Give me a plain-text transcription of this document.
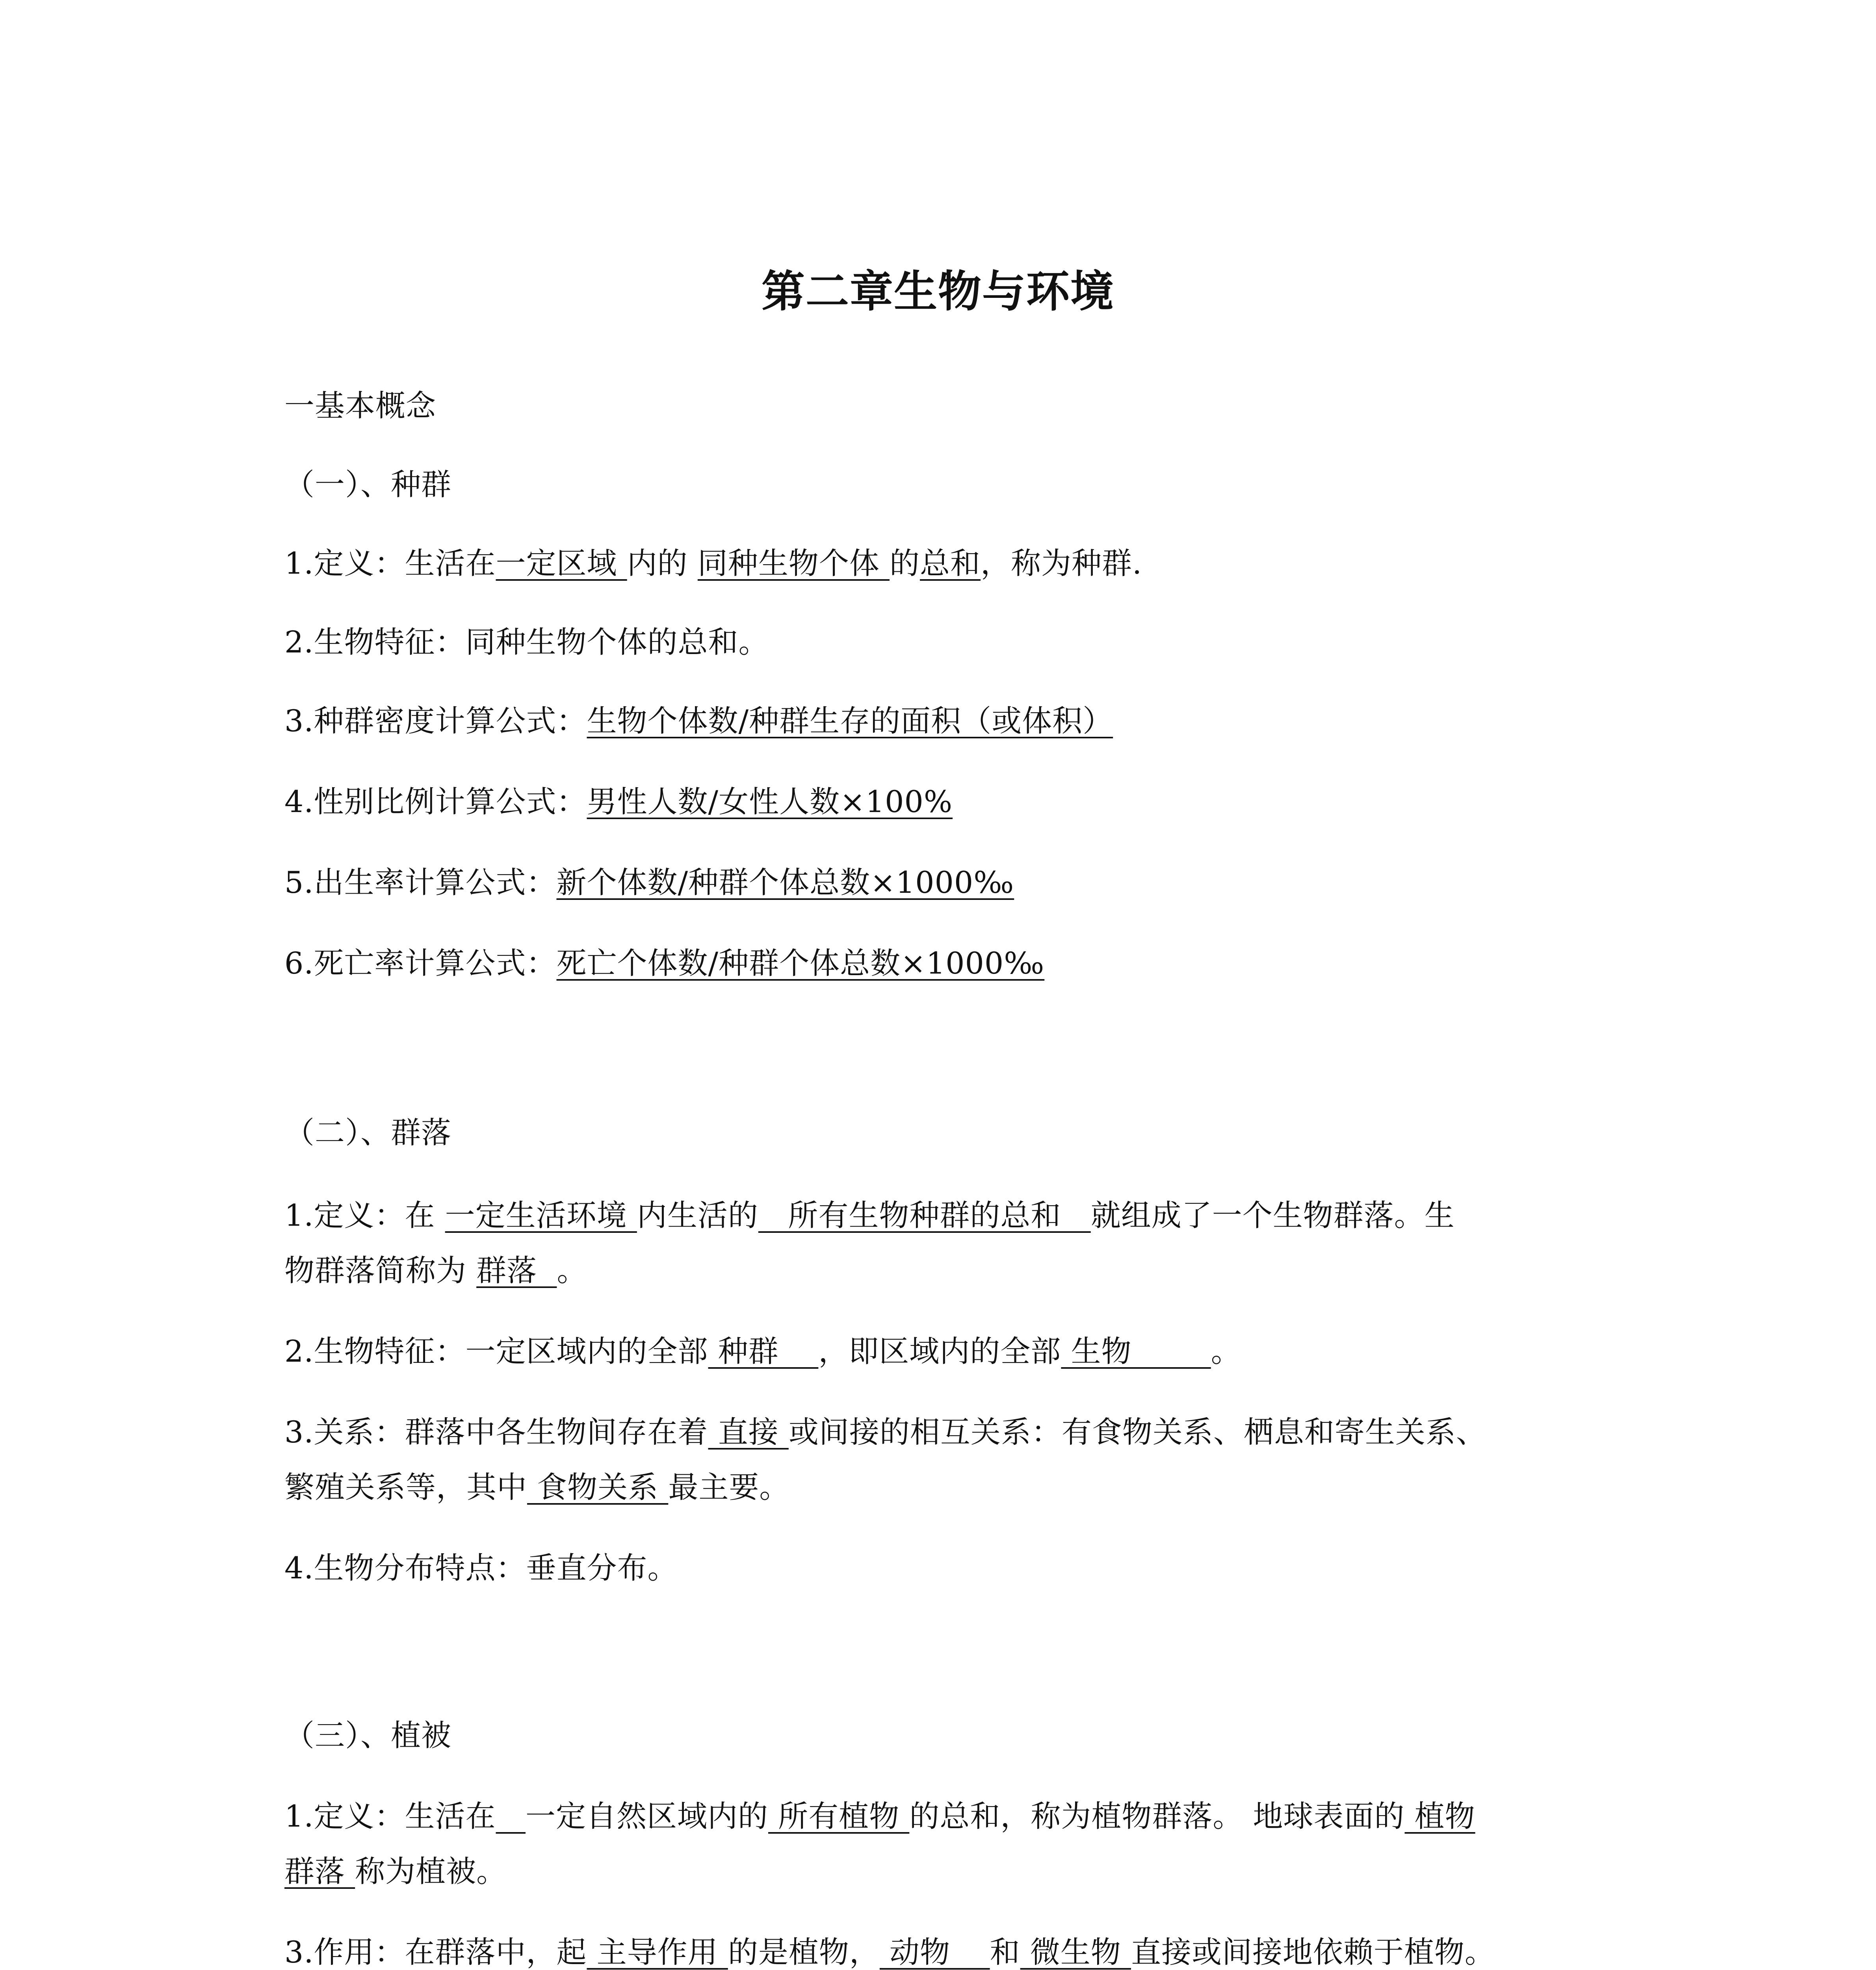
第二章生物与环境
一基本概念
（一）、种群
1.定义：生活在一定区域 内的 同种生物个体 的总和，称为种群.
2.生物特征：同种生物个体的总和。
3.种群密度计算公式：生物个体数/种群生存的面积（或体积）
4.性别比例计算公式：男性人数/女性人数×100%
5.出生率计算公式：新个体数/种群个体总数×1000‰
6.死亡率计算公式：死亡个体数/种群个体总数×1000‰
（二）、群落
1.定义：在 一定生活环境 内生活的   所有生物种群的总和   就组成了一个生物群落。生
物群落简称为 群落  。
2.生物特征：一定区域内的全部 种群    ，即区域内的全部 生物        。
3.关系：群落中各生物间存在着 直接 或间接的相互关系：有食物关系、栖息和寄生关系、
繁殖关系等，其中 食物关系 最主要。
4.生物分布特点：垂直分布。
（三）、植被
1.定义：生活在 一定自然区域内的 所有植物 的总和，称为植物群落。 地球表面的 植物
群落 称为植被。
3.作用：在群落中，起 主导作用 的是植物， 动物    和 微生物 直接或间接地依赖于植物。
